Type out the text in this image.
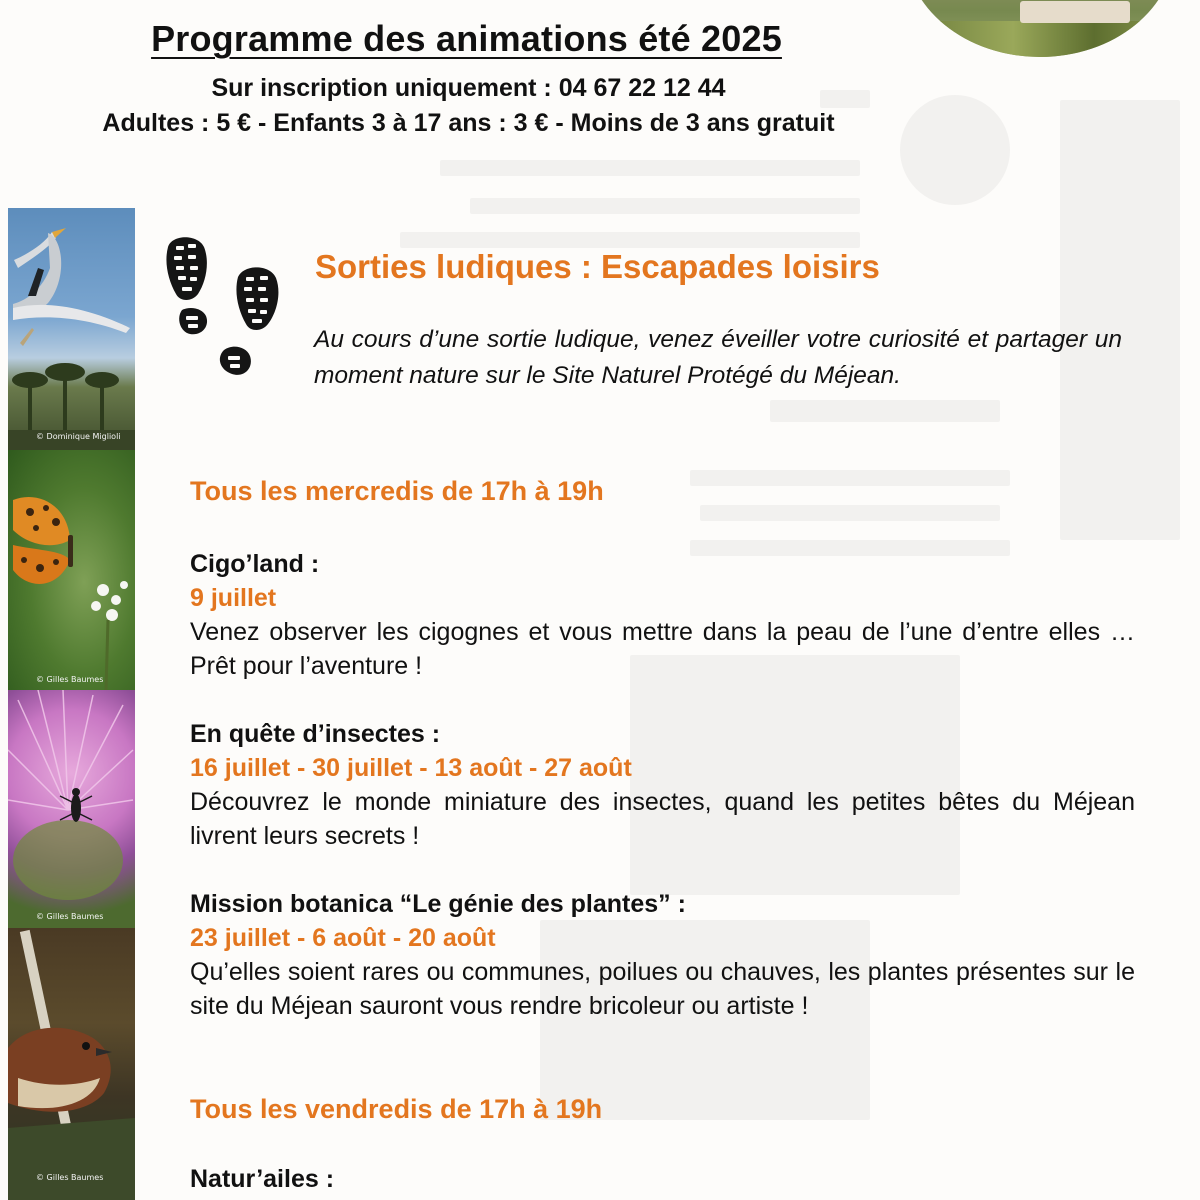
Programme des animations été 2025
Sur inscription uniquement : 04 67 22 12 44
Adultes : 5 € - Enfants 3 à 17 ans : 3 € - Moins de 3 ans gratuit
© Dominique Miglioli
© Gilles Baumes
© Gilles Baumes
© Gilles Baumes
Sorties ludiques : Escapades loisirs

Au cours d’une sortie ludique, venez éveiller votre curiosité et partager un moment nature sur le Site Naturel Protégé du Méjean.

Tous les mercredis de 17h à 19h
Cigo’land :
9 juillet

Venez observer les cigognes et vous mettre dans la peau de l’une d’entre elles … Prêt pour l’aventure !

En quête d’insectes :
16 juillet - 30 juillet - 13 août - 27 août

Découvrez le monde miniature des insectes, quand les petites bêtes du Méjean livrent leurs secrets !

Mission botanica “Le génie des plantes” :
23 juillet - 6 août - 20 août

Qu’elles soient rares ou communes, poilues ou chauves, les plantes présentes sur le site du Méjean sauront vous rendre bricoleur ou artiste !

Tous les vendredis de 17h à 19h
Natur’ailes :
